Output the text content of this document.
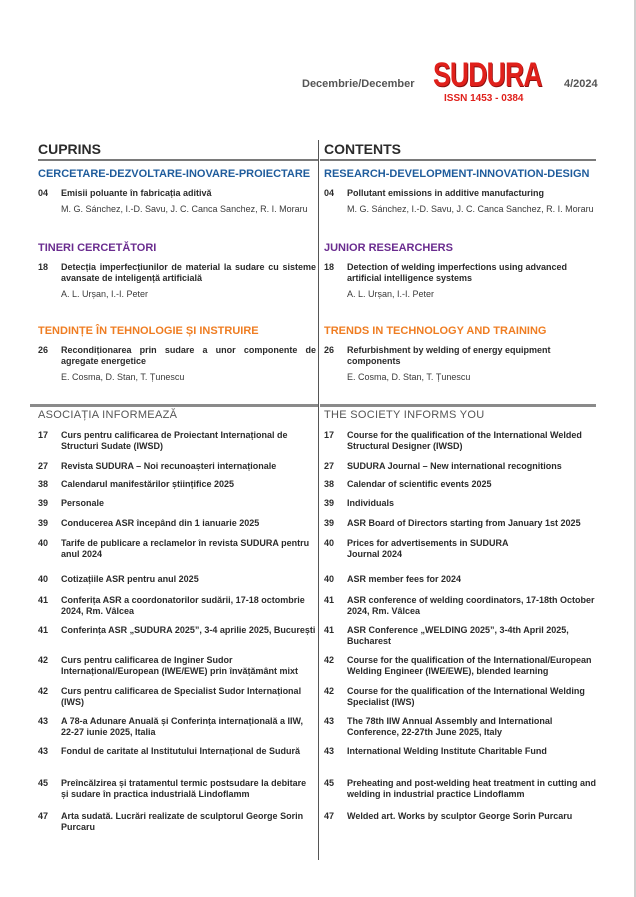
Decembrie/December SUDURA
ISSN 1453 - 0384
4/2024
CUPRINS
CERCETARE-DEZVOLTARE-INOVARE-PROIECTARE
04	Emisii poluante în fabricația aditivă
M. G. Sánchez, I.-D. Savu, J. C. Canca Sanchez, R. I. Moraru
TINERI CERCETĂTORI
18	Detecția imperfecțiunilor de material la sudare cu sisteme avansate de inteligență artificială
A. L. Urșan, I.-I. Peter
TENDINȚE ÎN TEHNOLOGIE ȘI INSTRUIRE
26	Recondiționarea prin sudare a unor componente de agregate energetice
E. Cosma, D. Stan, T. Țunescu
ASOCIAȚIA INFORMEAZĂ
17	Curs pentru calificarea de Proiectant Internațional de Structuri Sudate (IWSD)
27	Revista SUDURA – Noi recunoașteri internaționale
38	Calendarul manifestărilor științifice 2025
39	Personale
39	Conducerea ASR începând din 1 ianuarie 2025
40	Tarife de publicare a reclamelor în revista SUDURA pentru anul 2024
40	Cotizațiile ASR pentru anul 2025
41	Conferița ASR a coordonatorilor sudării, 17-18 octombrie 2024, Rm. Vâlcea
41	Conferința ASR „SUDURA 2025”, 3-4 aprilie 2025, București
42	Curs pentru calificarea de Inginer Sudor Internațional/European (IWE/EWE) prin învățământ mixt
42	Curs pentru calificarea de Specialist Sudor Internațional (IWS)
43	A 78-a Adunare Anuală și Conferința internațională a IIW, 22-27 iunie 2025, Italia
43	Fondul de caritate al Institutului Internațional de Sudură
45	Preîncălzirea și tratamentul termic postsudare la debitare și sudare în practica industrială Lindoflamm
47	Arta sudată. Lucrări realizate de sculptorul George Sorin Purcaru
CONTENTS
RESEARCH-DEVELOPMENT-INNOVATION-DESIGN
04	Pollutant emissions in additive manufacturing
M. G. Sánchez, I.-D. Savu, J. C. Canca Sanchez, R. I. Moraru
JUNIOR RESEARCHERS
18	Detection of welding imperfections using advanced artificial intelligence systems
A. L. Urșan, I.-I. Peter
TRENDS IN TECHNOLOGY AND TRAINING
26	Refurbishment by welding of energy equipment components
E. Cosma, D. Stan, T. Țunescu
THE SOCIETY INFORMS YOU
17	Course for the qualification of the International Welded Structural Designer (IWSD)
27	SUDURA Journal – New international recognitions
38	Calendar of scientific events 2025
39	Individuals
39	ASR Board of Directors starting from January 1st 2025
40	Prices for advertisements in SUDURA Journal 2024
40	ASR member fees for 2024
41	ASR conference of welding coordinators, 17-18th October 2024, Rm. Vâlcea
41	ASR Conference „WELDING 2025”, 3-4th April 2025, Bucharest
42	Course for the qualification of the International/European Welding Engineer (IWE/EWE), blended learning
42	Course for the qualification of the International Welding Specialist (IWS)
43	The 78th IIW Annual Assembly and International Conference, 22-27th June 2025, Italy
43	International Welding Institute Charitable Fund
45	Preheating and post-welding heat treatment in cutting and welding in industrial practice Lindoflamm
47	Welded art. Works by sculptor George Sorin Purcaru
